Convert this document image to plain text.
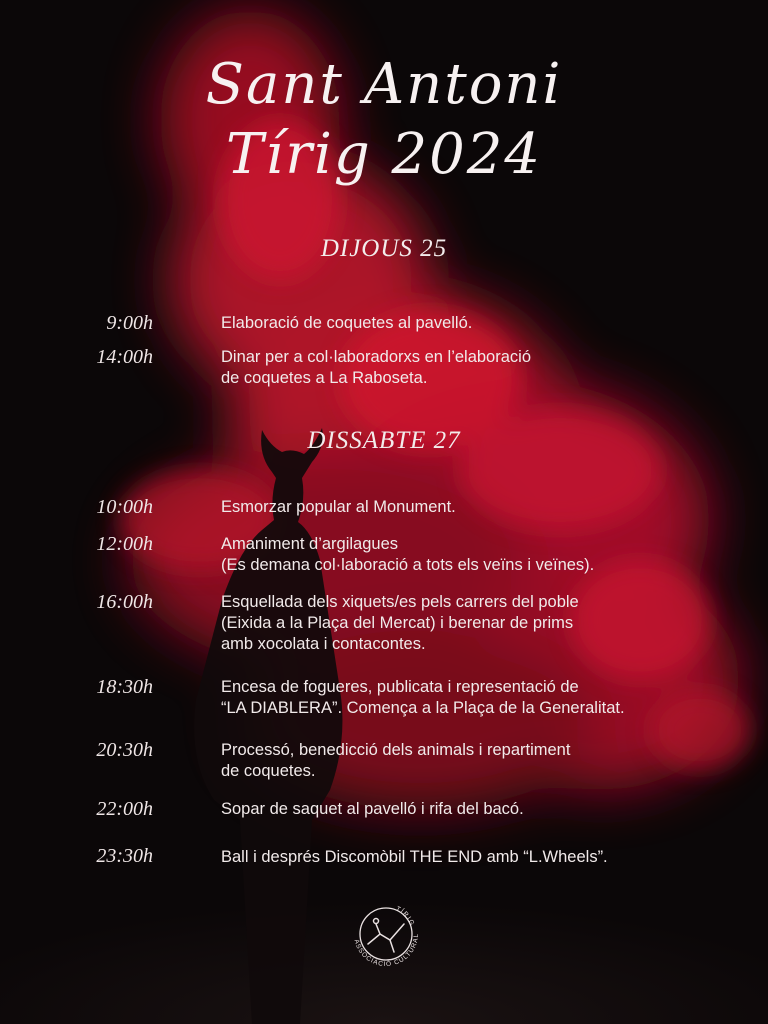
Sant Antoni
Tírig 2024
DIJOUS 25
9:00h	Elaboració de coquetes al pavelló.
14:00h	Dinar per a col·laboradorxs en l’elaboració
de coquetes a La Raboseta.
DISSABTE 27
10:00h	Esmorzar popular al Monument.
12:00h	Amaniment d’argilagues
(Es demana col·laboració a tots els veïns i veïnes).
16:00h	Esquellada dels xiquets/es pels carrers del poble
(Eixida a la Plaça del Mercat) i berenar de prims
amb xocolata i contacontes.
18:30h	Encesa de fogueres, publicata i representació de
“LA DIABLERA”. Comença a la Plaça de la Generalitat.
20:30h	Processó, benedicció dels animals i repartiment
de coquetes.
22:00h	Sopar de saquet al pavelló i rifa del bacó.
23:30h	Ball i després Discomòbil THE END amb “L.Wheels”.
TÍRIG
ASSOCIACIÓ CULTURAL
